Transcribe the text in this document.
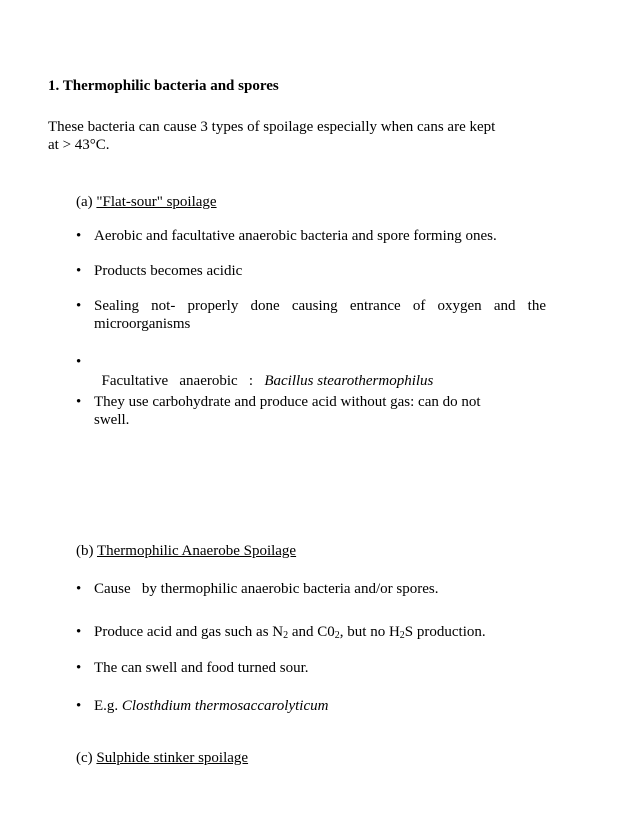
1. Thermophilic bacteria and spores
These bacteria can cause 3 types of spoilage especially when cans are kept
at > 43°C.
(a) "Flat-sour" spoilage
• Aerobic and facultative anaerobic bacteria and spore forming ones.
• Products becomes acidic
• Sealing not- properly done causing entrance of oxygen and the
microorganisms
•

Facultative   anaerobic   : Bacillus stearothermophilus

• They use carbohydrate and produce acid without gas: can do not
swell.
(b) Thermophilic Anaerobe Spoilage
• Cause   by thermophilic anaerobic bacteria and/or spores.
• Produce acid and gas such as $N_2$ and $C0_2$, but no $H_2S$ production.
• The can swell and food turned sour.
• E.g. Closthdium thermosaccarolyticum
(c) Sulphide stinker spoilage
